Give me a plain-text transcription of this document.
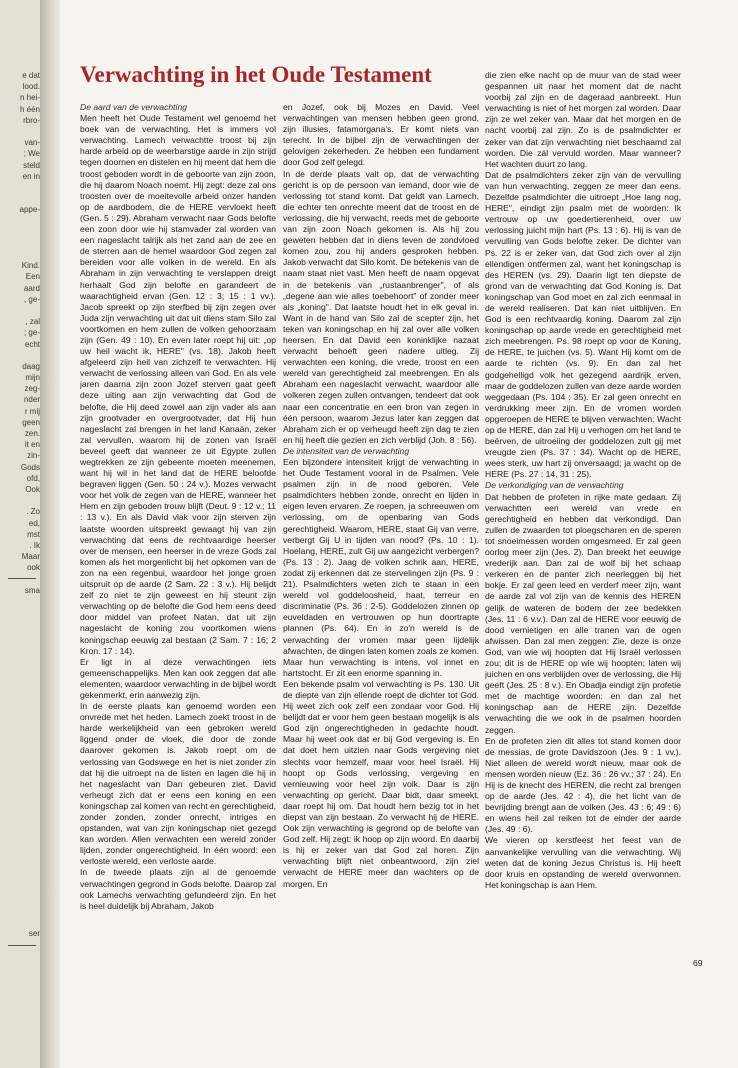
e dat
lood.
n hei-
h één
rbro-
van-
; We
steld
en in
appe-
Kind.
Een
aard
, ge-
, zal
; ge-
echt
daag
mijn
zeg-
nder
r mij
geen
zen.
it en
zin-
Gods
ofd,
Ook
. Zo
ed,
mst
. Ik
Maar
ook
sma
ser
Verwachting in het Oude Testament
De aard van de verwachting

Men heeft het Oude Testament wel genoemd het boek van de verwachting. Het is immers vol verwachting. Lamech verwachtte troost bij zijn harde arbeid op de weerbarstige aarde in zijn strijd tegen doornen en distelen en hij meent dat hem die troost geboden wordt in de geboorte van zijn zoon, die hij daarom Noach noemt. Hij zegt: deze zal ons troosten over de moeitevolle arbeid onzer handen op de aardbodem, die de HERE vervloekt heeft (Gen. 5 : 29). Abraham verwacht naar Gods belofte een zoon door wie hij stamvader zal worden van een nageslacht talrijk als het zand aan de zee en de sterren aan de hemel waardoor God zegen zal bereiden voor alle volken in de wereld. En als Abraham in zijn verwachting te verslappen dreigt herhaalt God zijn belofte en garandeert de waarachtigheid ervan (Gen. 12 : 3; 15 : 1 vv.). Jacob spreekt op zijn sterfbed bij zijn zegen over Juda zijn verwachting uit dat uit diens stam Silo zal voortkomen en hem zullen de volken gehoorzaam zijn (Gen. 49 : 10). En even later roept hij uit: „op uw heil wacht ik, HERE" (vs. 18). Jakob heeft afgeleerd zijn heil van zichzelf te verwachten. Hij verwacht de verlossing alleen van God. En als vele jaren daarna zijn zoon Jozef sterven gaat geeft deze uiting aan zijn verwachting dat God de beloftе, die Hij deed zowel aan zijn vader als aan zijn grootvader en overgrootvader, dat Hij hun nageslacht zal brengen in het land Kanaän, zeker zal vervullen, waarom hij de zonen van Israël beveel geeft dat wanneer ze uit Egypte zullen wegtrekken ze zijn gebeente moeten meenemen, want hij wil in het land dat de HERE beloofde begraven liggen (Gen. 50 : 24 v.). Mozes verwacht voor het volk de zegen van de HERE, wanneer het Hem en zijn geboden trouw blijft (Deut. 9 : 12 v.; 11 : 13 v.). En als David vlak voor zijn sterven zijn laatste woorden uitspreekt gewaagt hij van zijn verwachting dat eens de rechtvaardige heerser over de mensen, een heerser in de vreze Gods zal komen als het morgenlicht bij het opkomen van de zon na een regenbui, waardoor het jonge groen uitspruit op de aarde (2 Sam. 22 : 3 v.). Hij belijdt zelf zo niet te zijn geweest en hij steunt zijn verwachting op de belofte die God hem eens deed door middel van profeet Natan, dat uit zijn nageslacht de koning zou voortkomen wiens koningschap eeuwig zal bestaan (2 Sam. 7 : 16; 2 Kron. 17 : 14).

Er ligt in al deze verwachtingen iets gemeenschappelijks. Men kan ook zeggen dat alle elementen, waardoor verwachting in de bijbel wordt gekenmerkt, erin aanwezig zijn.

In de eerste plaats kan genoemd worden een onvrede met het heden. Lamech zoekt troost in de harde werkelijkheid van een gebroken wereld liggend onder de vloek, die door de zonde daarover gekomen is. Jakob roept om de verlossing van Godswege en het is niet zonder zin dat hij die uitroept na de listen en lagen die hij in het nageslacht van Dan gebeuren ziet. David verheugt zich dat er eens een koning en een koningschap zal komen van recht en gerechtigheid, zonder zonden, zonder onrecht, intriges en opstanden, wat van zijn koningschap niet gezegd kan worden. Allen verwachten een wereld zonder lijden, zonder ongerechtigheid. In één woord: een verloste wereld, een verloste aarde.

In de tweede plaats zijn al de genoemde verwachtingen gegrond in Gods belofte. Daarop zal ook Lamechs verwachting gefundeerd zijn. En het is heel duidelijk bij Abraham, Jakob

en Jozef, ook bij Mozes en David. Veel verwachtingen van mensen hebben geen grond, zijn illusies, fatamorgana's. Er komt niets van terecht. In de bijbel zijn de verwachtingen der gelovigen zekerheden. Ze hebben een fundament door God zelf gelegd.

In de derde plaats valt op, dat de verwachting gericht is op de persoon van iemand, door wie de verlossing tot stand komt. Dat geldt van Lamech, die echter ten onrechte meent dat de troost en de verlossing, die hij verwacht, reeds met de geboorte van zijn zoon Noach gekomen is. Als hij zou geweten hebben dat in diens leven de zondvloed komen zou, zou hij anders gesproken hebben. Jakob verwacht dat Silo komt. De betekenis van de naam staat niet vast. Men heeft de naam opgevat in de betekenis van „rustaanbrenger", of als „degene aan wie alles toebehoort" of zonder meer als „koning". Dat laatste houdt het in elk geval in. Want in de hand van Silo zal de scepter zijn, het teken van koningschap en hij zal over alle volken heersen. En dat David een koninklijke nazaat verwacht behoeft geen nadere uitleg. Zij verwachten een koning, die vrede, troost en een wereld van gerechtigheid zal meebrengen. En als Abraham een nageslacht verwacht, waardoor alle volkeren zegen zullen ontvangen, tendeert dat ook naar een concentratie en een bron van zegen in één persoon, waarom Jezus later kan zeggen dat Abraham zich er op verheugd heeft zijn dag te zien en hij heeft die gezien en zich verblijd (Joh. 8 : 56).

De intensiteit van de verwachting

Een bijzondere intensiteit krijgt de verwachting in het Oude Testament vooral in de Psalmen. Vele psalmen zijn in de nood geboren. Vele psalmdichters hebben zonde, onrecht en lijden in eigen leven ervaren. Ze roepen, ja schreeuwen om verlossing, om de openbaring van Gods gerechtigheid. Waarom, HERE, staat Gij van verre, verbergt Gij U in tijden van nood? (Ps. 10 : 1). Hoelang, HERE, zult Gij uw aangezicht verbergen? (Ps. 13 : 2). Jaag de volken schrik aan, HERE, zodat zij erkennen dat ze stervelingen zijn (Ps. 9 : 21). Psalmdichters weten zich te staan in een wereld vol goddeloosheid, haat, terreur en discriminatie (Ps. 36 : 2-5). Goddelozen zinnen op euveldaden en vertrouwen op hun doortrapte plannen (Ps. 64). En in zo'n wereld is de verwachting der vromen maar geen lijdelijk afwachten, de dingen laten komen zoals ze komen. Maar hun verwachting is intens, vol innet en hartstocht. Er zit een enorme spanning in.

Een bekende psalm vol verwachting is Ps. 130. Uit de diepte van zijn ellende roept de dichter tot God. Hij weet zich ook zelf een zondaar voor God. Hij belijdt dat er voor hem geen bestaan mogelijk is als God zijn ongerechtigheden in gedachte houdt. Maar hij weet ook dat er bij God vergeving is. En dat doet hem uitzien naar Gods vergeving niet slechts voor hemzelf, maar voor heel Israël. Hij hoopt op Gods verlossing, vergeving en vernieuwing voor heel zijn volk. Daar is zijn verwachting op gericht. Daar bidt, daar smeekt, daar roept hij om. Dat houdt hem bezig tot in het diepst van zijn bestaan. Zo verwacht hij de HERE. Ook zijn verwachting is gegrond op de belofte van God zelf. Hij zegt: ik hoop op zijn woord. En daarbij is hij er zeker van dat God zal horen. Zijn verwachting blijft niet onbeantwoord, zijn ziel verwacht de HERE meer dan wachters op de morgen. En

die zien elke nacht op de muur van de stad weer gespannen uit naar het moment dat de nacht voorbij zal zijn en de dageraad aanbreekt. Hun verwachting is niet of het morgen zal worden. Daar zijn ze wel zeker van. Maar dat het morgen en de nacht voorbij zal zijn. Zo is de psalmdichter er zeker van dat zijn verwachting niet beschaamd zal worden. Die zál vervuld worden. Maar wanneer? Het wachten duurt zo lang.

Dat de psalmdichters zeker zijn van de vervulling van hun verwachting, zeggen ze meer dan eens. Dezelfde psalmdichter die uitroept „Hoe lang nog, HERE", eindigt zijn psalm met de woorden: Ik vertrouw op uw goedertierenheid, over uw verlossing juicht mijn hart (Ps. 13 : 6). Hij is van de vervulling van Gods belofte zeker. De dichter van Ps. 22 is er zeker van, dat God zich over al zijn ellendigen ontfermen zal, want het koningschap is des HEREN (vs. 29). Daarin ligt ten diepste de grond van de verwachting dat God Koning is. Dat koningschap van God moet en zal zich eenmaal in de wereld realiseren. Dat kan niet uitblijven. En God is een rechtvaardig koning. Daarom zal zijn koningschap op aarde vrede en gerechtigheid met zich meebrengen. Ps. 98 roept op voor de Koning, de HERE, te juichen (vs. 5). Want Hij komt om de aarde te richten (vs. 9). En dan zal het godgehelligd volk het gezegend aardrijk erven, maar de goddelozen zullen van deze aarde worden weggedaan (Ps. 104 : 35). Er zal geen onrecht en verdrukking meer zijn. En de vromen worden opgeroepen de HERE te blijven verwachten: Wacht op de HERE, dan zal Hij u verhogen om het land te beërven, de uitroeiing der goddelozen zult gij met vreugde zien (Ps. 37 : 34). Wacht op de HERE, wees sterk, uw hart zij onversaagd; ja wacht op de HERE (Ps. 27 : 14, 31 : 25).

De verkondiging van de verwachting

Dat hebben de profeten in rijke mate gedaan. Zij verwachtten een wereld van vrede en gerechtigheid en hebben dat verkondigd. Dan zullen de zwaarden tot ploegscharen en de speren tot snoeimessen worden omgesmeed. Er zal geen oorlog meer zijn (Jes. 2). Dan breekt het eeuwige vrederijk aan. Dan zal de wolf bij het schaap verkeren en de panter zich neerleggen bij het bokje. Er zal geen leed en verderf meer zijn, want de aarde zal vol zijn van de kennis des HEREN gelijk de wateren de bodem der zee bedekken (Jes. 11 : 6 v.v.). Dan zal de HERE voor eeuwig de dood vernietigen en alle tranen van de ogen afwissen. Dan zal men zeggen: Zie, deze is onze God, van wie wij hoopten dat Hij Israël verlossen zou; dit is de HERE op wie wij hoopten; laten wij juichen en ons verblijden over de verlossing, die Hij geeft (Jes. 25 : 8 v.). En Obadja eindigt zijn profetie met de machtige woorden: en dan zal het koningschap aan de HERE zijn. Dezelfde verwachting die we ook in de psalmen hoorden zeggen.

En de profeten zien dit alles tot stand komen door de messias, de grote Davidszoon (Jes. 9 : 1 vv.). Niet alleen de wereld wordt nieuw, maar ook de mensen worden nieuw (Ez. 36 : 26 vv.; 37 : 24). En Hij is de knecht des HEREN, die recht zal brengen op de aarde (Jes. 42 : 4), die het licht van de bevrijding brengt aan de volken (Jes. 43 : 6; 49 : 6) en wiens heil zal reiken tot de einder der aarde (Jes. 49 : 6).

We vieren op kerstfeest het feest van de aanvankelijke vervulling van die verwachting. Wij weten dat de koning Jezus Christus is. Hij heeft door kruis en opstanding de wereld overwonnen. Het koningschap is aan Hem.

69
